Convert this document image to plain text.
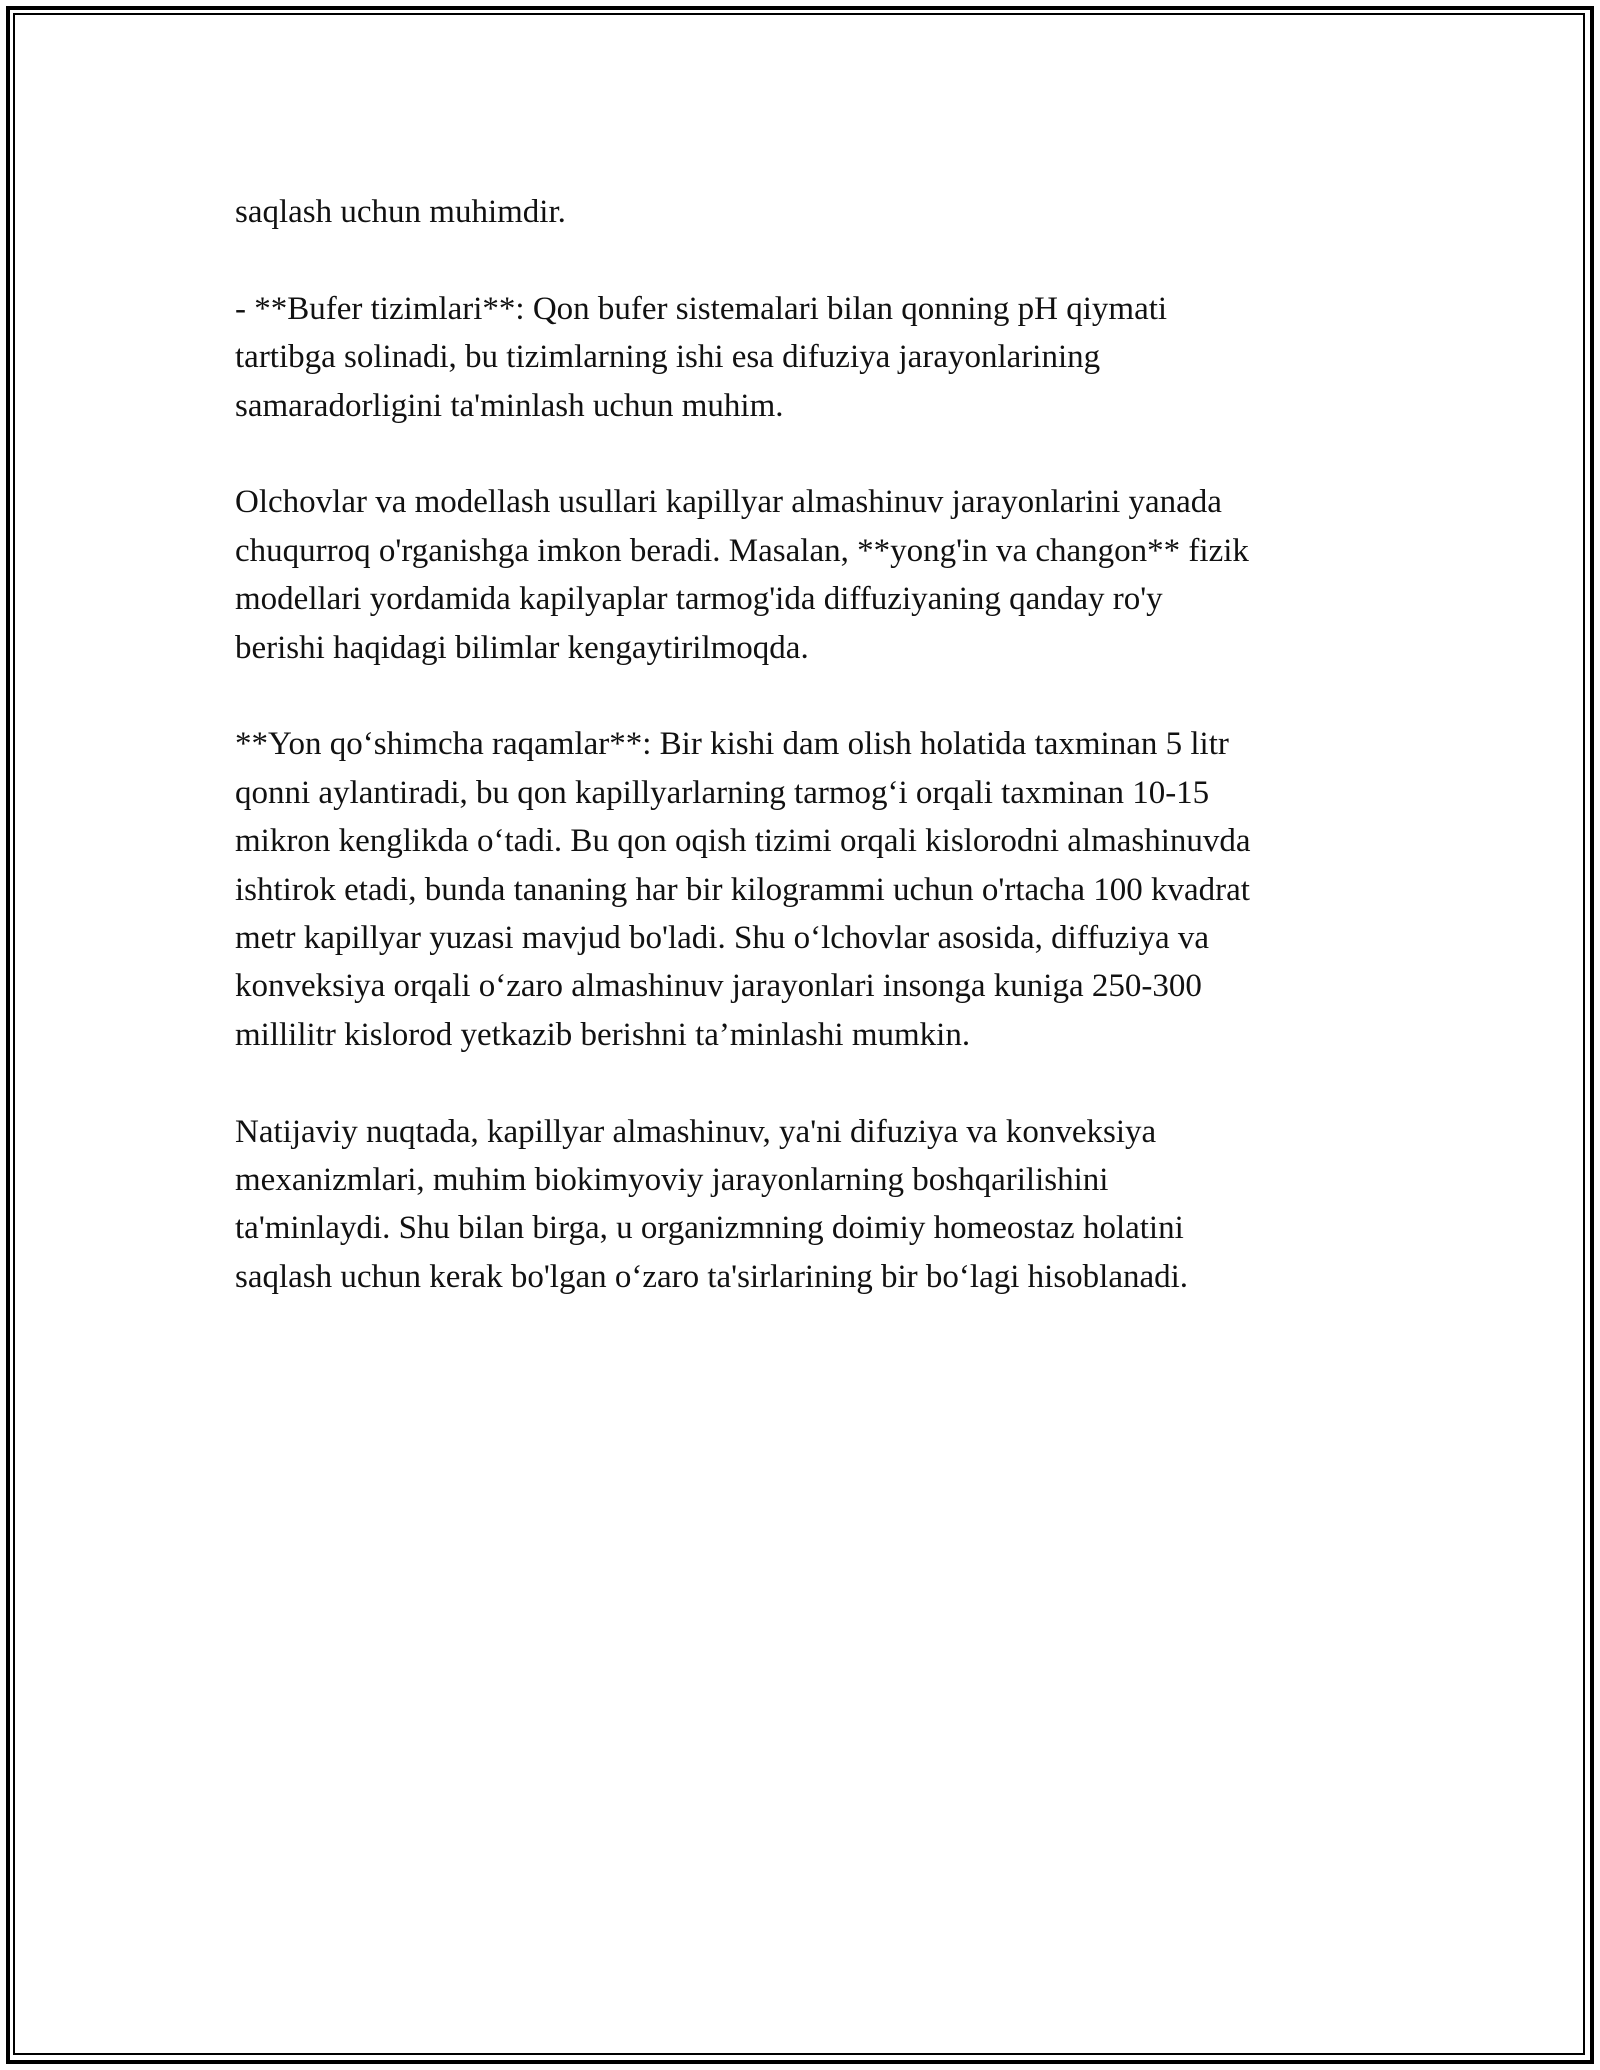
saqlash uchun muhimdir.

- **Bufer tizimlari**: Qon bufer sistemalari bilan qonning pH qiymati
tartibga solinadi, bu tizimlarning ishi esa difuziya jarayonlarining
samaradorligini ta'minlash uchun muhim.

Olchovlar va modellash usullari kapillyar almashinuv jarayonlarini yanada
chuqurroq o'rganishga imkon beradi. Masalan, **yong'in va changon** fizik
modellari yordamida kapilyaplar tarmog'ida diffuziyaning qanday ro'y
berishi haqidagi bilimlar kengaytirilmoqda.

**Yon qo‘shimcha raqamlar**: Bir kishi dam olish holatida taxminan 5 litr
qonni aylantiradi, bu qon kapillyarlarning tarmog‘i orqali taxminan 10-15
mikron kenglikda o‘tadi. Bu qon oqish tizimi orqali kislorodni almashinuvda
ishtirok etadi, bunda tananing har bir kilogrammi uchun o'rtacha 100 kvadrat
metr kapillyar yuzasi mavjud bo'ladi. Shu o‘lchovlar asosida, diffuziya va
konveksiya orqali o‘zaro almashinuv jarayonlari insonga kuniga 250-300
millilitr kislorod yetkazib berishni ta’minlashi mumkin.

Natijaviy nuqtada, kapillyar almashinuv, ya'ni difuziya va konveksiya
mexanizmlari, muhim biokimyoviy jarayonlarning boshqarilishini
ta'minlaydi. Shu bilan birga, u organizmning doimiy homeostaz holatini
saqlash uchun kerak bo'lgan o‘zaro ta'sirlarining bir bo‘lagi hisoblanadi.
